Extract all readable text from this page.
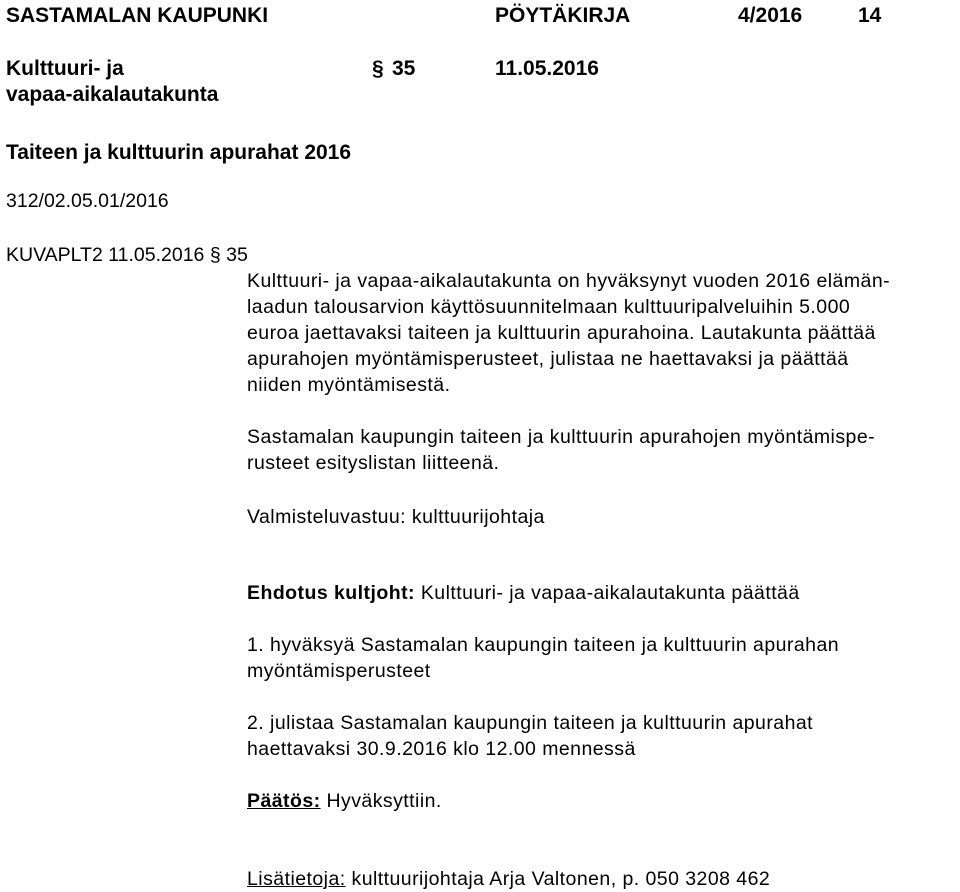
SASTAMALAN KAUPUNKI	PÖYTÄKIRJA	4/2016	14
Kulttuuri- ja
vapaa-aikalautakunta
§ 35	11.05.2016
Taiteen ja kulttuurin apurahat 2016
312/02.05.01/2016
KUVAPLT2 11.05.2016 § 35
Kulttuuri- ja vapaa-aikalautakunta on hyväksynyt vuoden 2016 elämän-
laadun talousarvion käyttösuunnitelmaan kulttuuripalveluihin 5.000
euroa jaettavaksi taiteen ja kulttuurin apurahoina. Lautakunta päättää
apurahojen myöntämisperusteet, julistaa ne haettavaksi ja päättää
niiden myöntämisestä.
Sastamalan kaupungin taiteen ja kulttuurin apurahojen myöntämispe-
rusteet esityslistan liitteenä.
Valmisteluvastuu: kulttuurijohtaja
Ehdotus kultjoht: Kulttuuri- ja vapaa-aikalautakunta päättää
1. hyväksyä Sastamalan kaupungin taiteen ja kulttuurin apurahan
myöntämisperusteet
2. julistaa Sastamalan kaupungin taiteen ja kulttuurin apurahat
haettavaksi 30.9.2016 klo 12.00 mennessä
Päätös: Hyväksyttiin.
Lisätietoja: kulttuurijohtaja Arja Valtonen, p. 050 3208 462
